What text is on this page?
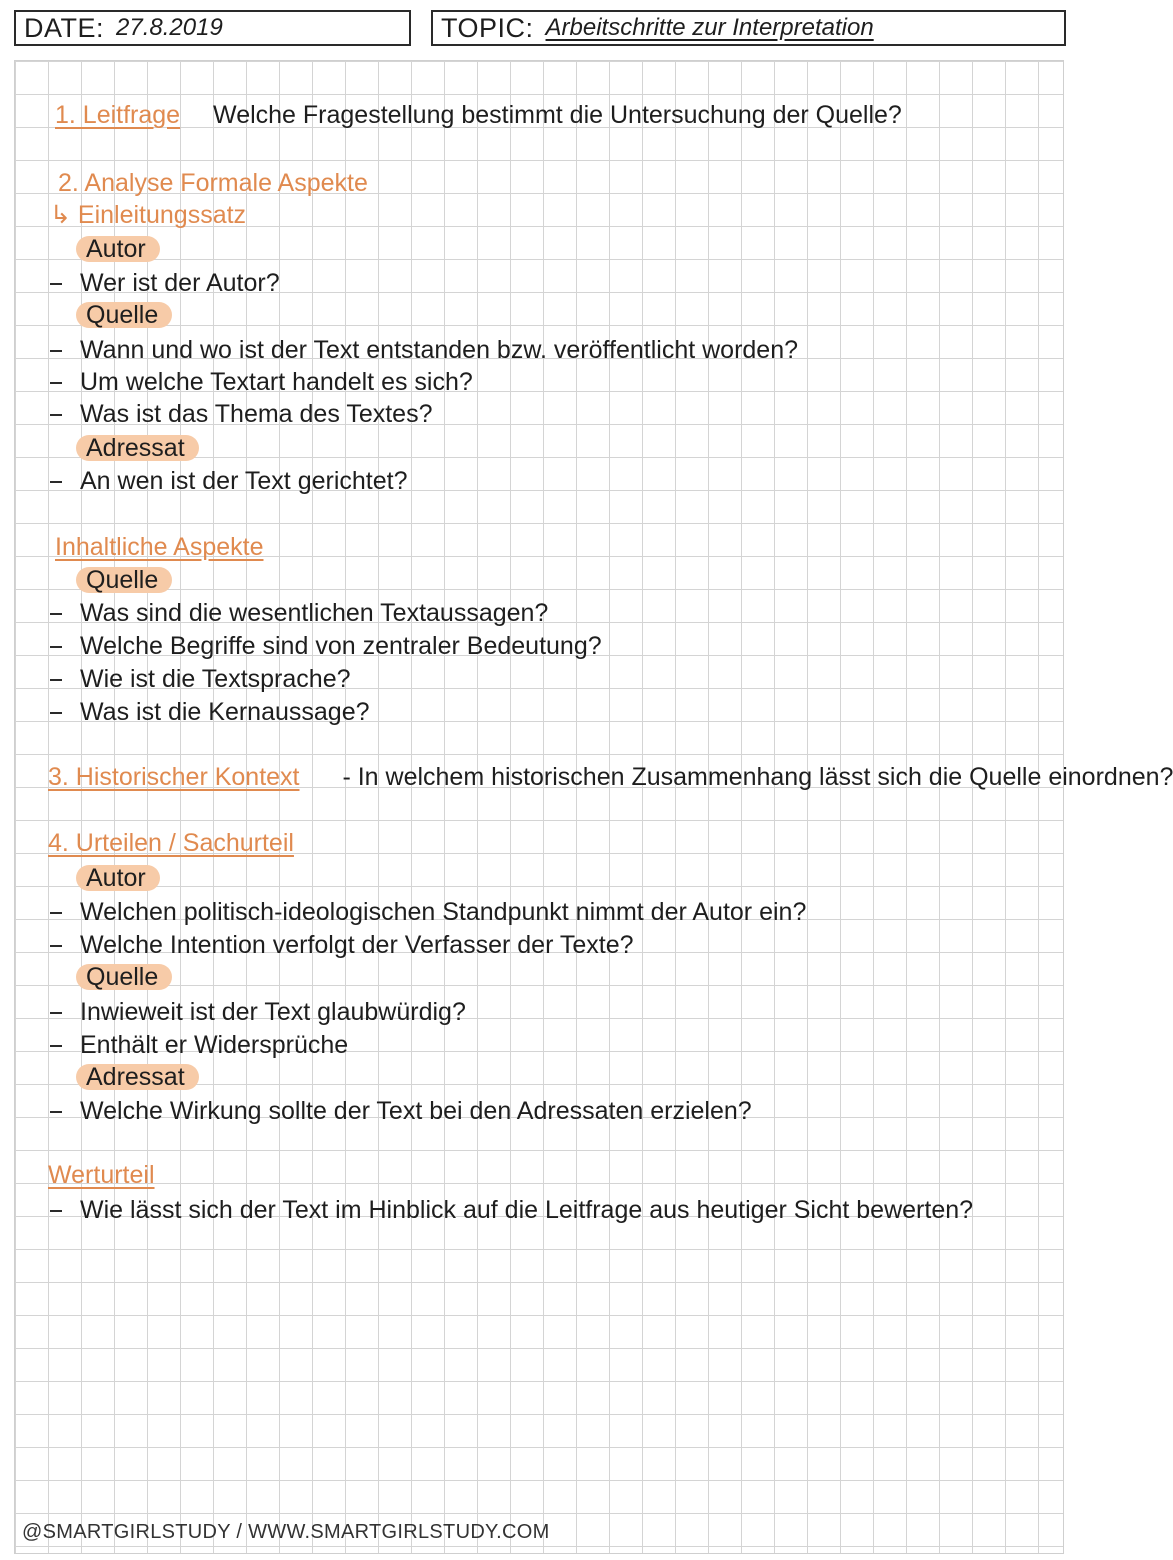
DATE: 27.8.2019	TOPIC: Arbeitschritte zur Interpretation
1. Leitfrage Welche Fragestellung bestimmt die Untersuchung der Quelle?
2. Analyse Formale Aspekte
↳ Einleitungssatz
Autor
Wer ist der Autor?
Quelle
Wann und wo ist der Text entstanden bzw. veröffentlicht worden?
Um welche Textart handelt es sich?
Was ist das Thema des Textes?
Adressat
An wen ist der Text gerichtet?
Inhaltliche Aspekte
Quelle
Was sind die wesentlichen Textaussagen?
Welche Begriffe sind von zentraler Bedeutung?
Wie ist die Textsprache?
Was ist die Kernaussage?
3. Historischer Kontext - In welchem historischen Zusammenhang lässt sich die Quelle einordnen?
4. Urteilen / Sachurteil
Autor
Welchen politisch-ideologischen Standpunkt nimmt der Autor ein?
Welche Intention verfolgt der Verfasser der Texte?
Quelle
Inwieweit ist der Text glaubwürdig?
Enthält er Widersprüche
Adressat
Welche Wirkung sollte der Text bei den Adressaten erzielen?
Werturteil
Wie lässt sich der Text im Hinblick auf die Leitfrage aus heutiger Sicht bewerten?
@SMARTGIRLSTUDY / WWW.SMARTGIRLSTUDY.COM
